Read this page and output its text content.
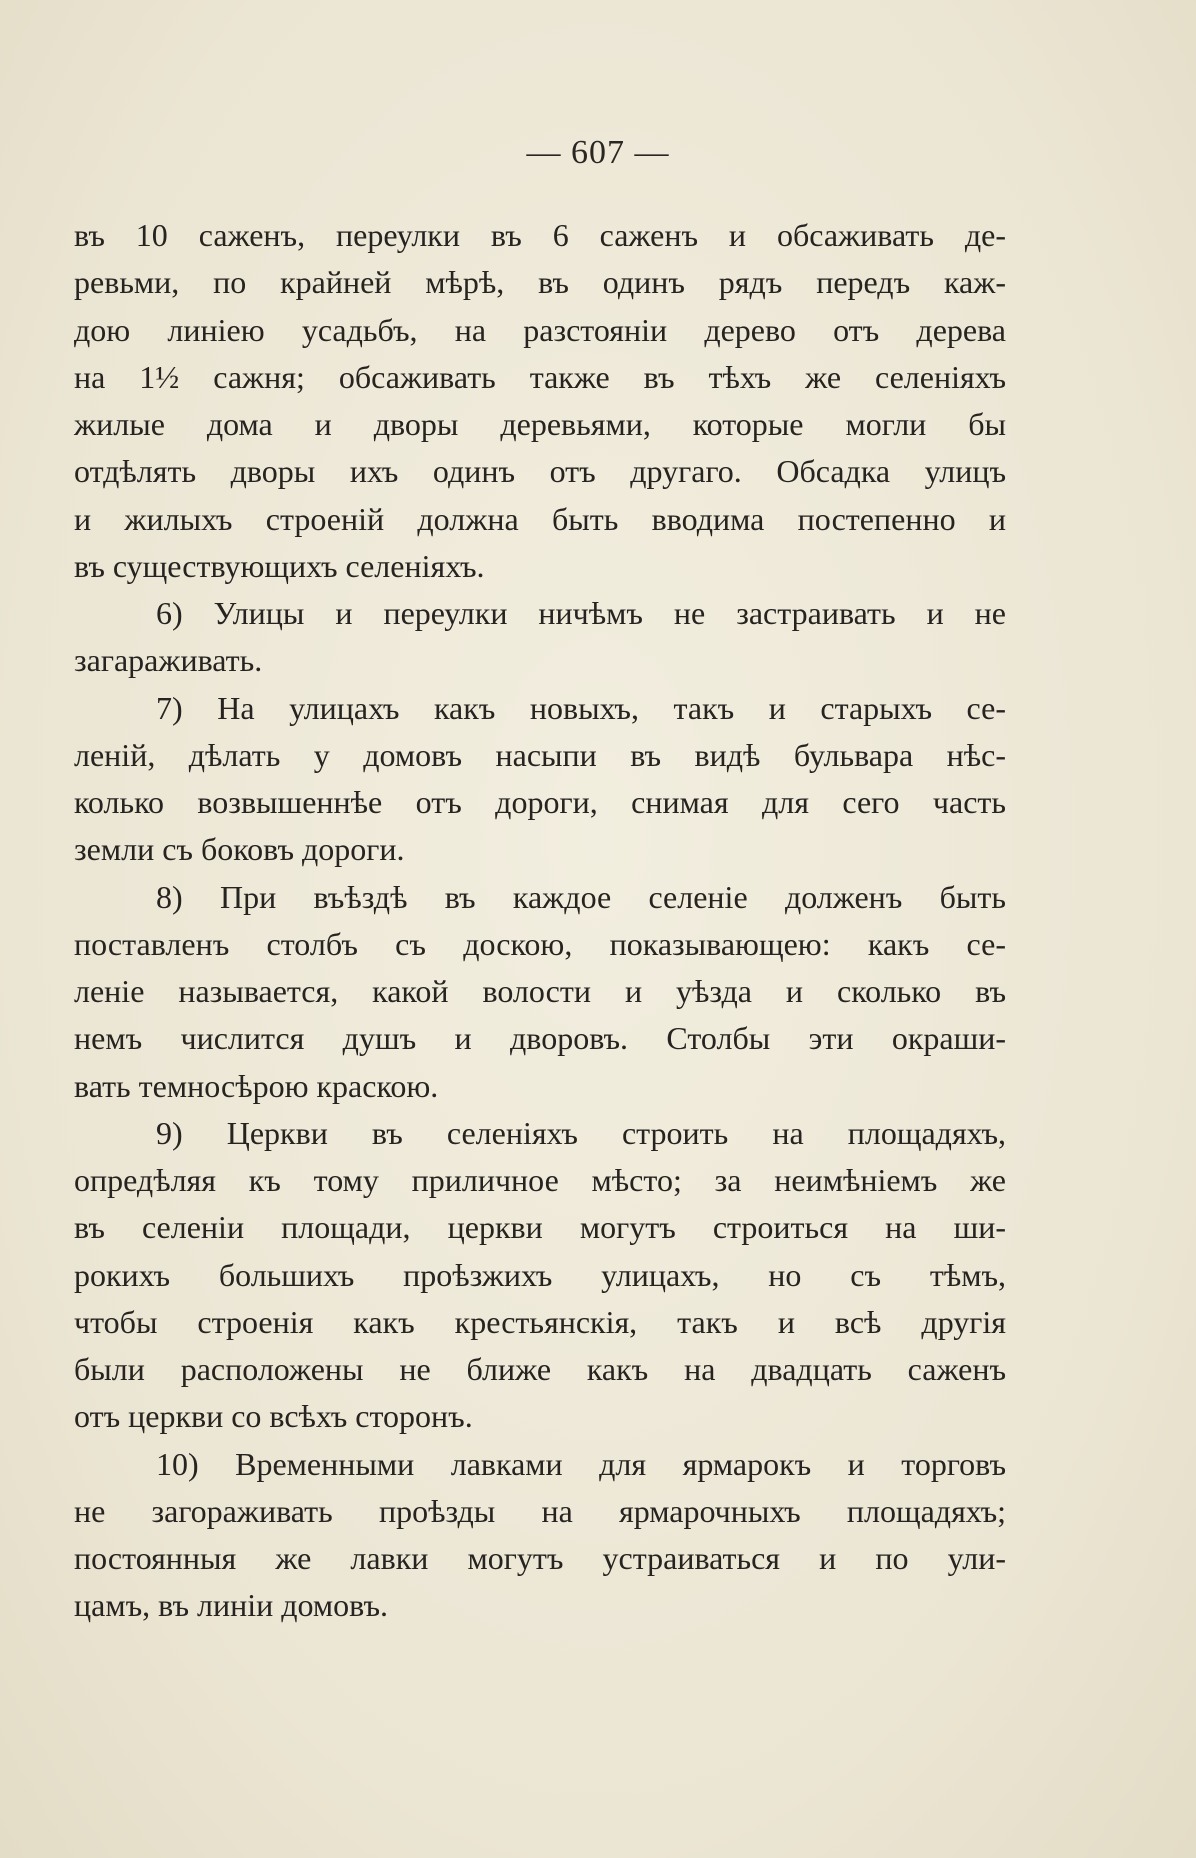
— 607 —
въ 10 саженъ, переулки въ 6 саженъ и обсаживать де-
ревьми, по крайней мѣрѣ, въ одинъ рядъ передъ каж-
дою линiею усадьбъ, на разстоянiи дерево отъ дерева
на 1½ сажня; обсаживать также въ тѣхъ же селенiяхъ
жилые дома и дворы деревьями, которые могли бы
отдѣлять дворы ихъ одинъ отъ другаго. Обсадка улицъ
и жилыхъ строенiй должна быть вводима постепенно и
въ существующихъ селенiяхъ.
6) Улицы и переулки ничѣмъ не застраивать и не
загараживать.
7) На улицахъ какъ новыхъ, такъ и старыхъ се-
ленiй, дѣлать у домовъ насыпи въ видѣ бульвара нѣс-
колько возвышеннѣе отъ дороги, снимая для сего часть
земли съ боковъ дороги.
8) При въѣздѣ въ каждое селенiе долженъ быть
поставленъ столбъ съ доскою, показывающею: какъ се-
ленiе называется, какой волости и уѣзда и сколько въ
немъ числится душъ и дворовъ. Столбы эти окраши-
вать темносѣрою краскою.
9) Церкви въ селенiяхъ строить на площадяхъ,
опредѣляя къ тому приличное мѣсто; за неимѣнiемъ же
въ селенiи площади, церкви могутъ строиться на ши-
рокихъ большихъ проѣзжихъ улицахъ, но съ тѣмъ,
чтобы строенiя какъ крестьянскiя, такъ и всѣ другiя
были расположены не ближе какъ на двадцать саженъ
отъ церкви со всѣхъ сторонъ.
10) Временными лавками для ярмарокъ и торговъ
не загораживать проѣзды на ярмарочныхъ площадяхъ;
постоянныя же лавки могутъ устраиваться и по ули-
цамъ, въ линiи домовъ.
